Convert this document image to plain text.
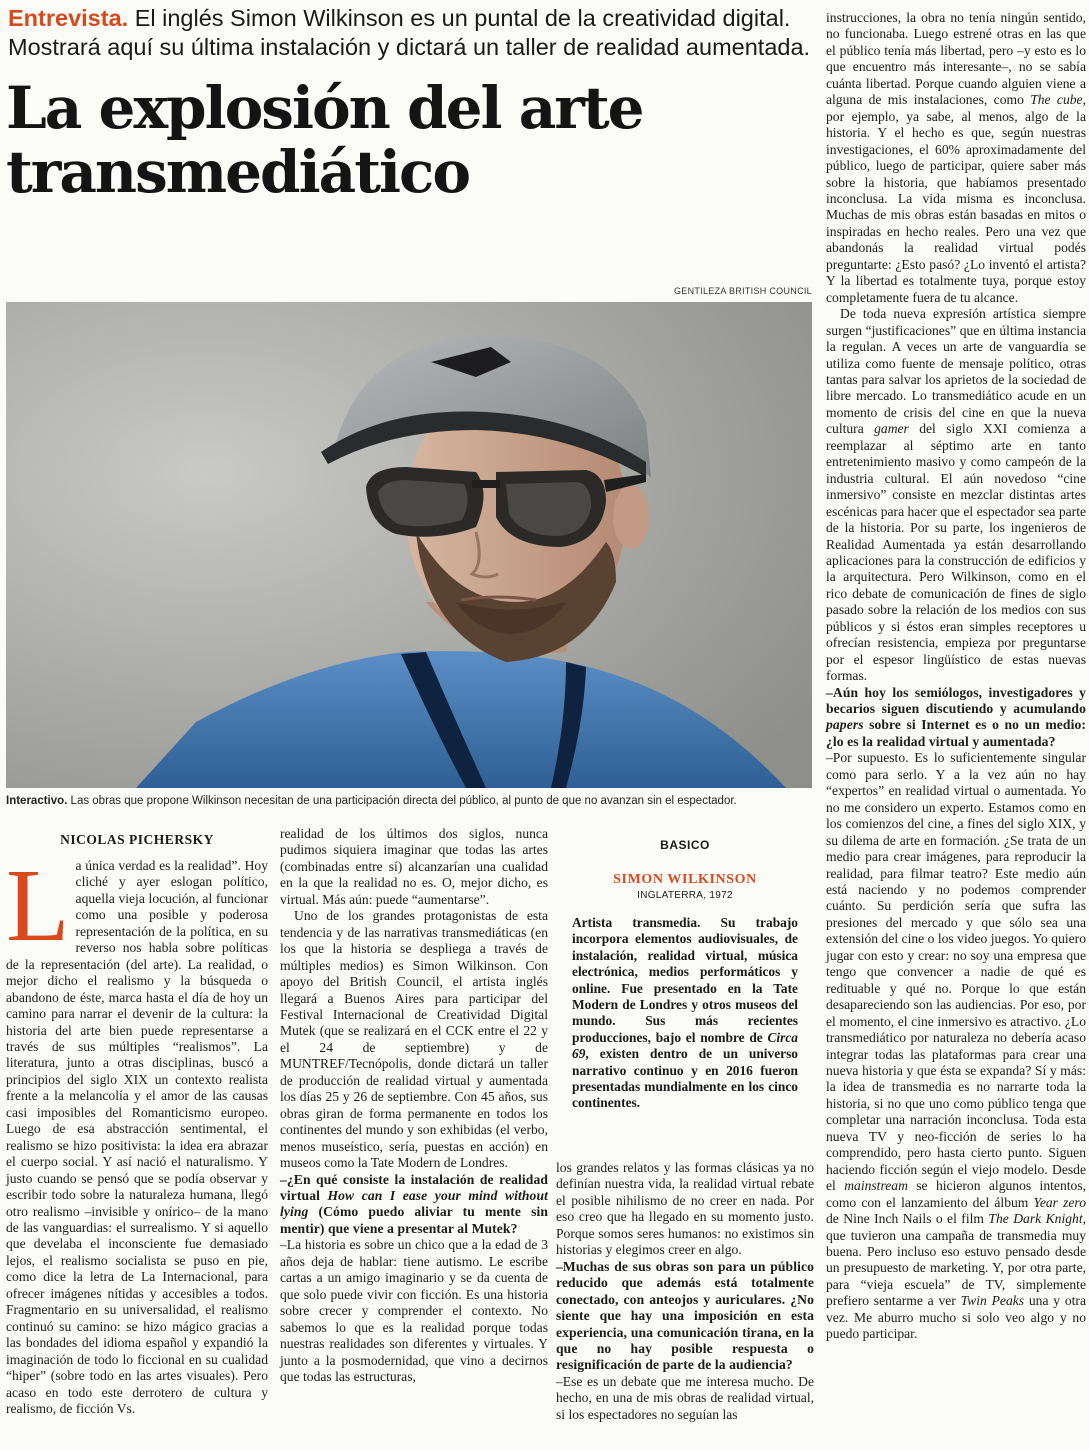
Entrevista. El inglés Simon Wilkinson es un puntal de la creatividad digital. Mostrará aquí su última instalación y dictará un taller de realidad aumentada.
La explosión del arte transmediático
GENTILEZA BRITISH COUNCIL
Interactivo. Las obras que propone Wilkinson necesitan de una participación directa del público, al punto de que no avanzan sin el espectador.
NICOLAS PICHERSKY

La única verdad es la realidad”. Hoy cliché y ayer eslogan político, aquella vieja locución, al funcionar como una posible y poderosa representación de la política, en su reverso nos habla sobre políticas de la representación (del arte). La realidad, o mejor dicho el realismo y la búsqueda o abandono de éste, marca hasta el día de hoy un camino para narrar el devenir de la cultura: la historia del arte bien puede representarse a través de sus múltiples “realismos”. La literatura, junto a otras disciplinas, buscó a principios del siglo XIX un contexto realista frente a la melancolía y el amor de las causas casi imposibles del Romanticismo europeo. Luego de esa abstracción sentimental, el realismo se hizo positivista: la idea era abrazar el cuerpo social. Y así nació el naturalismo. Y justo cuando se pensó que se podía observar y escribir todo sobre la naturaleza humana, llegó otro realismo –invisible y onírico– de la mano de las vanguardias: el surrealismo. Y si aquello que develaba el inconsciente fue demasiado lejos, el realismo socialista se puso en pie, como dice la letra de La Internacional, para ofrecer imágenes nítidas y accesibles a todos. Fragmentario en su universalidad, el realismo continuó su camino: se hizo mágico gracias a las bondades del idioma español y expandió la imaginación de todo lo ficcional en su cualidad “hiper” (sobre todo en las artes visuales). Pero acaso en todo este derrotero de cultura y realismo, de ficción Vs.

realidad de los últimos dos siglos, nunca pudimos siquiera imaginar que todas las artes (combinadas entre sí) alcanzarían una cualidad en la que la realidad no es. O, mejor dicho, es virtual. Más aún: puede “aumentarse”.

Uno de los grandes protagonistas de esta tendencia y de las narrativas transmediáticas (en los que la historia se despliega a través de múltiples medios) es Simon Wilkinson. Con apoyo del British Council, el artista inglés llegará a Buenos Aires para participar del Festival Internacional de Creatividad Digital Mutek (que se realizará en el CCK entre el 22 y el 24 de septiembre) y de MUNTREF/Tecnópolis, donde dictará un taller de producción de realidad virtual y aumentada los días 25 y 26 de septiembre. Con 45 años, sus obras giran de forma permanente en todos los continentes del mundo y son exhibidas (el verbo, menos museístico, sería, puestas en acción) en museos como la Tate Modern de Londres.

–¿En qué consiste la instalación de realidad virtual How can I ease your mind without lying (Cómo puedo aliviar tu mente sin mentir) que viene a presentar al Mutek?

–La historia es sobre un chico que a la edad de 3 años deja de hablar: tiene autismo. Le escribe cartas a un amigo imaginario y se da cuenta de que solo puede vivir con ficción. Es una historia sobre crecer y comprender el contexto. No sabemos lo que es la realidad porque todas nuestras realidades son diferentes y virtuales. Y junto a la posmodernidad, que vino a decirnos que todas las estructuras,

BASICO
SIMON WILKINSON
INGLATERRA, 1972

Artista transmedia. Su trabajo incorpora elementos audiovisuales, de instalación, realidad virtual, música electrónica, medios performáticos y online. Fue presentado en la Tate Modern de Londres y otros museos del mundo. Sus más recientes producciones, bajo el nombre de Circa 69, existen dentro de un universo narrativo continuo y en 2016 fueron presentadas mundialmente en los cinco continentes.

los grandes relatos y las formas clásicas ya no definían nuestra vida, la realidad virtual rebate el posible nihilismo de no creer en nada. Por eso creo que ha llegado en su momento justo. Porque somos seres humanos: no existimos sin historias y elegimos creer en algo.

–Muchas de sus obras son para un público reducido que además está totalmente conectado, con anteojos y auriculares. ¿No siente que hay una imposición en esta experiencia, una comunicación tirana, en la que no hay posible respuesta o resignificación de parte de la audiencia?

–Ese es un debate que me interesa mucho. De hecho, en una de mis obras de realidad virtual, si los espectadores no seguían las

instrucciones, la obra no tenía ningún sentido, no funcionaba. Luego estrené otras en las que el público tenía más libertad, pero –y esto es lo que encuentro más interesante–, no se sabía cuánta libertad. Porque cuando alguien viene a alguna de mis instalaciones, como The cube, por ejemplo, ya sabe, al menos, algo de la historia. Y el hecho es que, según nuestras investigaciones, el 60% aproximadamente del público, luego de participar, quiere saber más sobre la historia, que habíamos presentado inconclusa. La vida misma es inconclusa. Muchas de mis obras están basadas en mitos o inspiradas en hecho reales. Pero una vez que abandonás la realidad virtual podés preguntarte: ¿Esto pasó? ¿Lo inventó el artista? Y la libertad es totalmente tuya, porque estoy completamente fuera de tu alcance.

De toda nueva expresión artística siempre surgen “justificaciones” que en última instancia la regulan. A veces un arte de vanguardia se utiliza como fuente de mensaje político, otras tantas para salvar los aprietos de la sociedad de libre mercado. Lo transmediático acude en un momento de crisis del cine en que la nueva cultura gamer del siglo XXI comienza a reemplazar al séptimo arte en tanto entretenimiento masivo y como campeón de la industria cultural. El aún novedoso “cine inmersivo” consiste en mezclar distintas artes escénicas para hacer que el espectador sea parte de la historia. Por su parte, los ingenieros de Realidad Aumentada ya están desarrollando aplicaciones para la construcción de edificios y la arquitectura. Pero Wilkinson, como en el rico debate de comunicación de fines de siglo pasado sobre la relación de los medios con sus públicos y si éstos eran simples receptores u ofrecían resistencia, empieza por preguntarse por el espesor lingüístico de estas nuevas formas.

–Aún hoy los semiólogos, investigadores y becarios siguen discutiendo y acumulando papers sobre si Internet es o no un medio: ¿lo es la realidad virtual y aumentada?

–Por supuesto. Es lo suficientemente singular como para serlo. Y a la vez aún no hay “expertos” en realidad virtual o aumentada. Yo no me considero un experto. Estamos como en los comienzos del cine, a fines del siglo XIX, y su dilema de arte en formación. ¿Se trata de un medio para crear imágenes, para reproducir la realidad, para filmar teatro? Este medio aún está naciendo y no podemos comprender cuánto. Su perdición sería que sufra las presiones del mercado y que sólo sea una extensión del cine o los video juegos. Yo quiero jugar con esto y crear: no soy una empresa que tengo que convencer a nadie de qué es redituable y qué no. Porque lo que están desapareciendo son las audiencias. Por eso, por el momento, el cine inmersivo es atractivo. ¿Lo transmediático por naturaleza no debería acaso integrar todas las plataformas para crear una nueva historia y que ésta se expanda? Sí y más: la idea de transmedia es no narrarte toda la historia, si no que uno como público tenga que completar una narración inconclusa. Toda esta nueva TV y neo-ficción de series lo ha comprendido, pero hasta cierto punto. Siguen haciendo ficción según el viejo modelo. Desde el mainstream se hicieron algunos intentos, como con el lanzamiento del álbum Year zero de Nine Inch Nails o el film The Dark Knight, que tuvieron una campaña de transmedia muy buena. Pero incluso eso estuvo pensado desde un presupuesto de marketing. Y, por otra parte, para “vieja escuela” de TV, simplemente prefiero sentarme a ver Twin Peaks una y otra vez. Me aburro mucho si solo veo algo y no puedo participar.
